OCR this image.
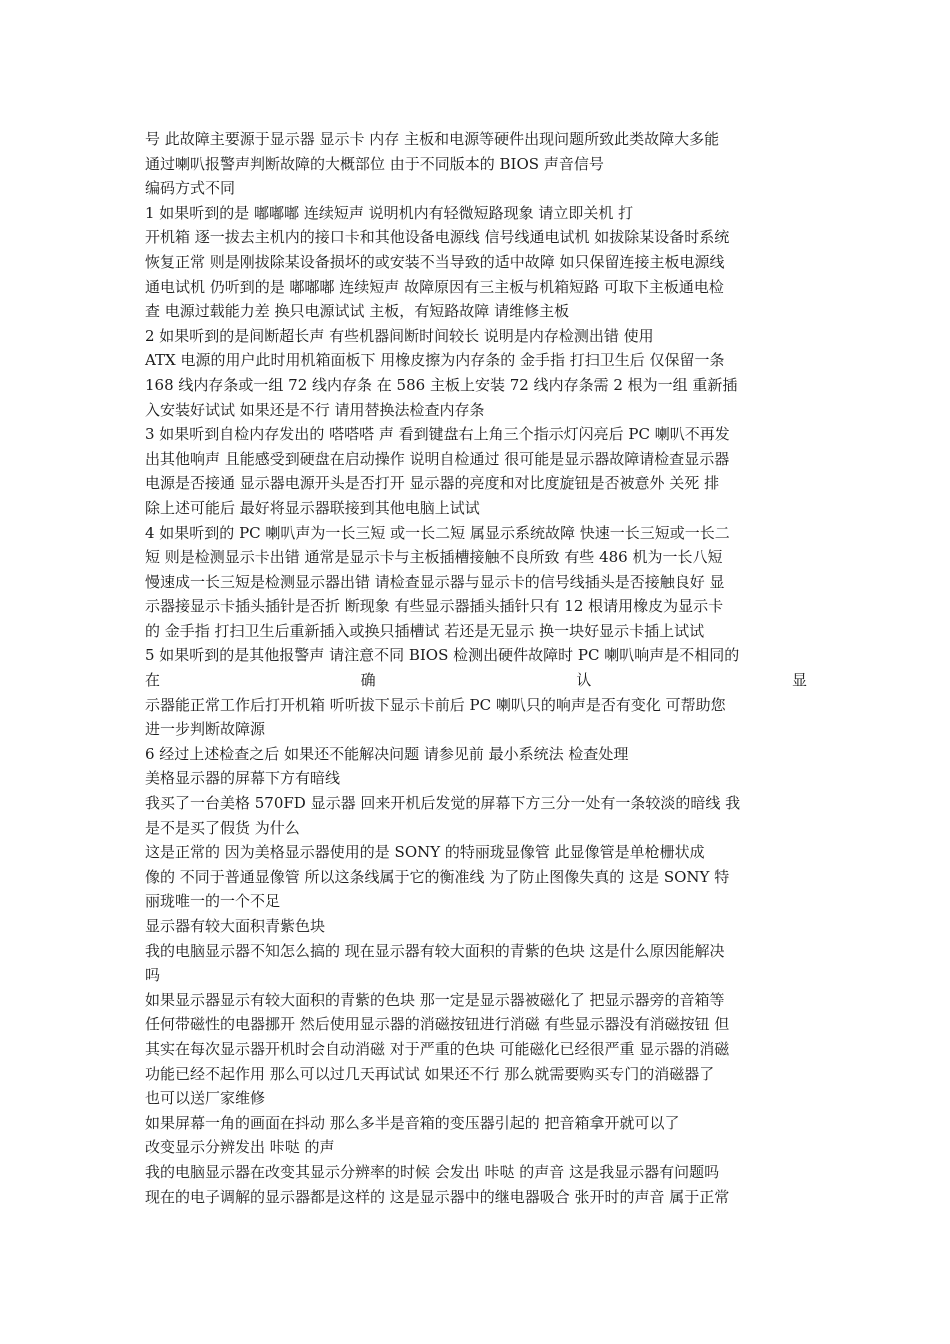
号 此故障主要源于显示器 显示卡 内存 主板和电源等硬件出现问题所致此类故障大多能
通过喇叭报警声判断故障的大概部位 由于不同版本的 BIOS 声音信号
编码方式不同
1 如果听到的是 嘟嘟嘟 连续短声 说明机内有轻微短路现象 请立即关机 打
开机箱 逐一拔去主机内的接口卡和其他设备电源线 信号线通电试机 如拔除某设备时系统
恢复正常 则是刚拔除某设备损坏的或安装不当导致的适中故障 如只保留连接主板电源线
通电试机 仍听到的是 嘟嘟嘟 连续短声 故障原因有三主板与机箱短路 可取下主板通电检
查 电源过载能力差 换只电源试试 主板，有短路故障 请维修主板
2 如果听到的是间断超长声 有些机器间断时间较长 说明是内存检测出错 使用
ATX 电源的用户此时用机箱面板下 用橡皮擦为内存条的 金手指 打扫卫生后 仅保留一条
168 线内存条或一组 72 线内存条 在 586 主板上安装 72 线内存条需 2 根为一组 重新插
入安装好试试 如果还是不行 请用替换法检查内存条
3 如果听到自检内存发出的 嗒嗒嗒 声 看到键盘右上角三个指示灯闪亮后 PC 喇叭不再发
出其他响声 且能感受到硬盘在启动操作 说明自检通过 很可能是显示器故障请检查显示器
电源是否接通 显示器电源开头是否打开 显示器的亮度和对比度旋钮是否被意外 关死 排
除上述可能后 最好将显示器联接到其他电脑上试试
4 如果听到的 PC 喇叭声为一长三短 或一长二短 属显示系统故障 快速一长三短或一长二
短 则是检测显示卡出错 通常是显示卡与主板插槽接触不良所致 有些 486 机为一长八短
慢速成一长三短是检测显示器出错 请检查显示器与显示卡的信号线插头是否接触良好 显
示器接显示卡插头插针是否折 断现象 有些显示器插头插针只有 12 根请用橡皮为显示卡
的 金手指 打扫卫生后重新插入或换只插槽试 若还是无显示 换一块好显示卡插上试试
5 如果听到的是其他报警声 请注意不同 BIOS 检测出硬件故障时 PC 喇叭响声是不相同的
在	确	认	显
示器能正常工作后打开机箱 听听拔下显示卡前后 PC 喇叭只的响声是否有变化 可帮助您
进一步判断故障源
6 经过上述检查之后 如果还不能解决问题 请参见前 最小系统法 检查处理
美格显示器的屏幕下方有暗线
我买了一台美格 570FD 显示器 回来开机后发觉的屏幕下方三分一处有一条较淡的暗线 我
是不是买了假货 为什么
这是正常的 因为美格显示器使用的是 SONY 的特丽珑显像管 此显像管是单枪栅状成
像的 不同于普通显像管 所以这条线属于它的衡准线 为了防止图像失真的 这是 SONY 特
丽珑唯一的一个不足
显示器有较大面积青紫色块
我的电脑显示器不知怎么搞的 现在显示器有较大面积的青紫的色块 这是什么原因能解决
吗
如果显示器显示有较大面积的青紫的色块 那一定是显示器被磁化了 把显示器旁的音箱等
任何带磁性的电器挪开 然后使用显示器的消磁按钮进行消磁 有些显示器没有消磁按钮 但
其实在每次显示器开机时会自动消磁 对于严重的色块 可能磁化已经很严重 显示器的消磁
功能已经不起作用 那么可以过几天再试试 如果还不行 那么就需要购买专门的消磁器了
也可以送厂家维修
如果屏幕一角的画面在抖动 那么多半是音箱的变压器引起的 把音箱拿开就可以了
改变显示分辨发出 咔哒 的声
我的电脑显示器在改变其显示分辨率的时候 会发出 咔哒 的声音 这是我显示器有问题吗
现在的电子调解的显示器都是这样的 这是显示器中的继电器吸合 张开时的声音 属于正常
